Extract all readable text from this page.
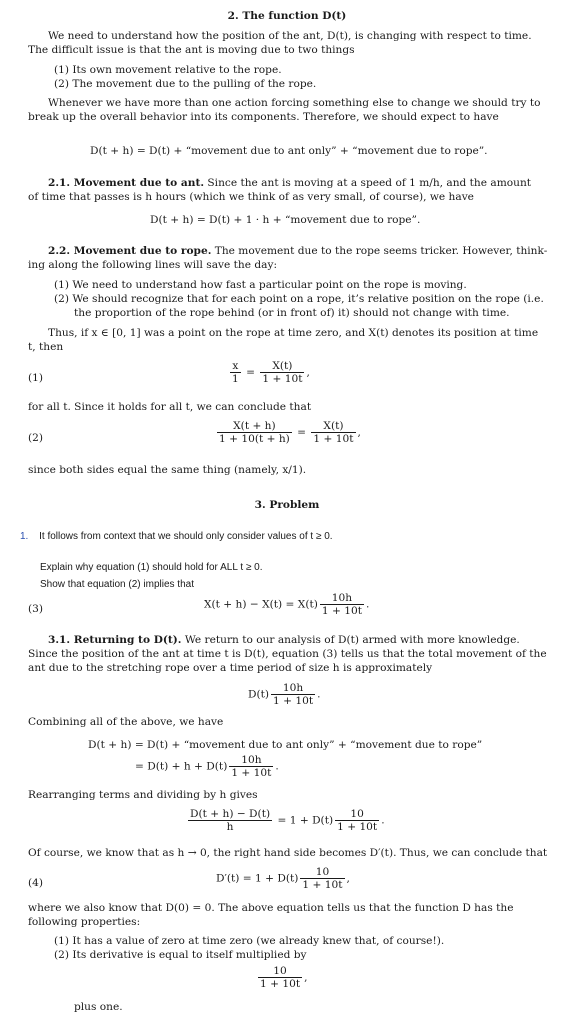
2. The function D(t)
We need to understand how the position of the ant, D(t), is changing with respect to time.
The difficult issue is that the ant is moving due to two things
(1) Its own movement relative to the rope.
(2) The movement due to the pulling of the rope.
Whenever we have more than one action forcing something else to change we should try to
break up the overall behavior into its components. Therefore, we should expect to have
D(t + h) = D(t) + “movement due to ant only” + “movement due to rope”.
2.1. Movement due to ant. Since the ant is moving at a speed of 1 m/h, and the amount
of time that passes is h hours (which we think of as very small, of course), we have
D(t + h) = D(t) + 1 · h + “movement due to rope”.
2.2. Movement due to rope. The movement due to the rope seems tricker. However, think-
ing along the following lines will save the day:
(1) We need to understand how fast a particular point on the rope is moving.
(2) We should recognize that for each point on a rope, it’s relative position on the rope (i.e.
the proportion of the rope behind (or in front of) it) should not change with time.
Thus, if x ∈ [0, 1] was a point on the rope at time zero, and X(t) denotes its position at time
t, then
(1)	$\frac{x}{1} = \frac{X(t)}{1 + 10t}$ ,
for all t. Since it holds for all t, we can conclude that
(2)	$\frac{X(t + h)}{1 + 10(t + h)} = \frac{X(t)}{1 + 10t}$ ,
since both sides equal the same thing (namely, x/1).
3. Problem
1. It follows from context that we should only consider values of t ≥ 0.
Explain why equation (1) should hold for ALL t ≥ 0.
Show that equation (2) implies that
(3)	$X(t + h) - X(t) = X(t) \frac{10h}{1 + 10t}$ .
3.1. Returning to D(t). We return to our analysis of D(t) armed with more knowledge.
Since the position of the ant at time t is D(t), equation (3) tells us that the total movement of the
ant due to the stretching rope over a time period of size h is approximately
$D(t) \frac{10h}{1 + 10t}$ .
Combining all of the above, we have
D(t + h) = D(t) + “movement due to ant only” + “movement due to rope”
= $D(t) + h + D(t) \frac{10h}{1 + 10t}$ .
Rearranging terms and dividing by h gives
$\frac{D(t + h) - D(t)}{h} = 1 + D(t) \frac{10}{1 + 10t}$ .
Of course, we know that as h → 0, the right hand side becomes D′(t). Thus, we can conclude that
(4)	$D'(t) = 1 + D(t) \frac{10}{1 + 10t}$ ,
where we also know that D(0) = 0. The above equation tells us that the function D has the
following properties:
(1) It has a value of zero at time zero (we already knew that, of course!).
(2) Its derivative is equal to itself multiplied by
$\frac{10}{1 + 10t}$ ,
plus one.
